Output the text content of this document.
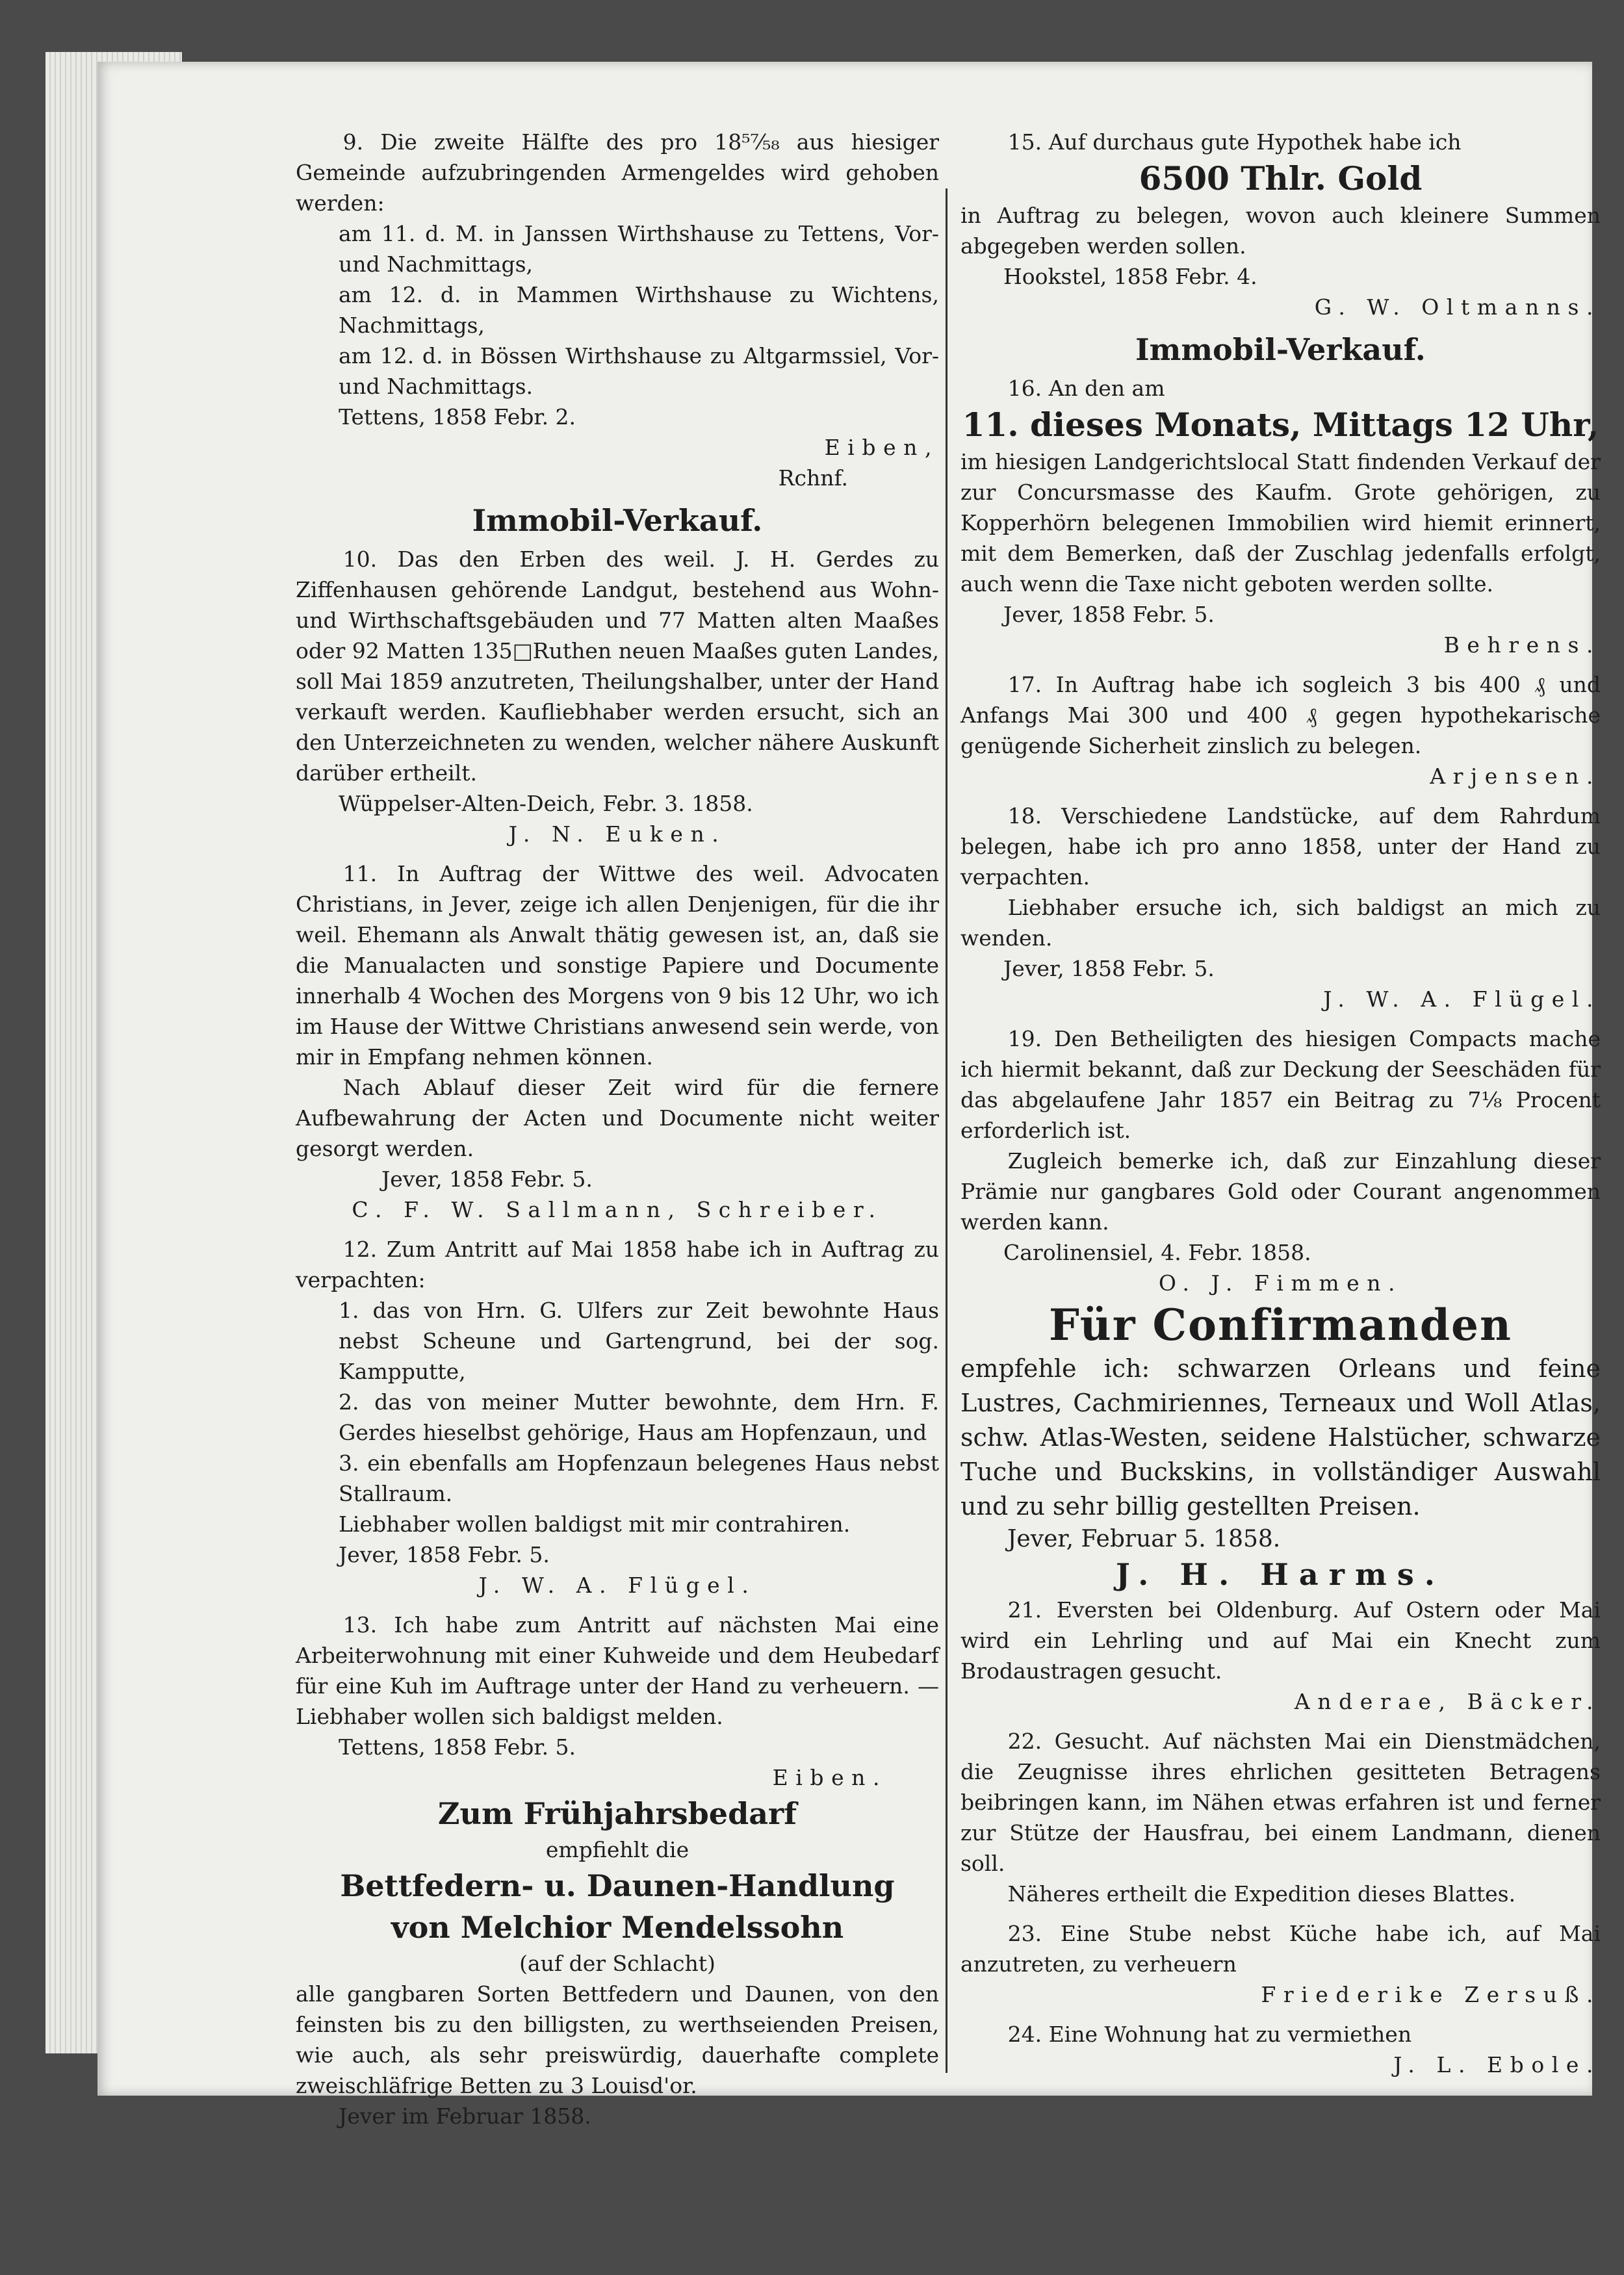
9. Die zweite Hälfte des pro 18⁵⁷⁄₅₈ aus hiesiger Gemeinde aufzubringenden Armengeldes wird gehoben werden:

am 11. d. M. in Janssen Wirthshause zu Tettens, Vor- und Nachmittags,

am 12. d. in Mammen Wirthshause zu Wichtens, Nachmittags,

am 12. d. in Bössen Wirthshause zu Altgarmssiel, Vor- und Nachmittags.

Tettens, 1858 Febr. 2.

Eiben,

Rchnf.

Immobil-Verkauf.

10. Das den Erben des weil. J. H. Gerdes zu Ziffenhausen gehörende Landgut, bestehend aus Wohn- und Wirthschaftsgebäuden und 77 Matten alten Maaßes oder 92 Matten 135□Ruthen neuen Maaßes guten Landes, soll Mai 1859 anzutreten, Theilungshalber, unter der Hand verkauft werden. Kaufliebhaber werden ersucht, sich an den Unterzeichneten zu wenden, welcher nähere Auskunft darüber ertheilt.

Wüppelser-Alten-Deich, Febr. 3. 1858.

J. N. Euken.

11. In Auftrag der Wittwe des weil. Advocaten Christians, in Jever, zeige ich allen Denjenigen, für die ihr weil. Ehemann als Anwalt thätig gewesen ist, an, daß sie die Manualacten und sonstige Papiere und Documente innerhalb 4 Wochen des Morgens von 9 bis 12 Uhr, wo ich im Hause der Wittwe Christians anwesend sein werde, von mir in Empfang nehmen können.

Nach Ablauf dieser Zeit wird für die fernere Aufbewahrung der Acten und Documente nicht weiter gesorgt werden.

Jever, 1858 Febr. 5.

C. F. W. Sallmann, Schreiber.

12. Zum Antritt auf Mai 1858 habe ich in Auftrag zu verpachten:

1. das von Hrn. G. Ulfers zur Zeit bewohnte Haus nebst Scheune und Gartengrund, bei der sog. Kampputte,

2. das von meiner Mutter bewohnte, dem Hrn. F. Gerdes hieselbst gehörige, Haus am Hopfenzaun, und

3. ein ebenfalls am Hopfenzaun belegenes Haus nebst Stallraum.

Liebhaber wollen baldigst mit mir contrahiren.

Jever, 1858 Febr. 5.

J. W. A. Flügel.

13. Ich habe zum Antritt auf nächsten Mai eine Arbeiterwohnung mit einer Kuhweide und dem Heubedarf für eine Kuh im Auftrage unter der Hand zu verheuern. — Liebhaber wollen sich baldigst melden.

Tettens, 1858 Febr. 5.

Eiben.

Zum Frühjahrsbedarf

empfiehlt die

Bettfedern- u. Daunen-Handlung

von Melchior Mendelssohn

(auf der Schlacht)

alle gangbaren Sorten Bettfedern und Daunen, von den feinsten bis zu den billigsten, zu werthseienden Preisen, wie auch, als sehr preiswürdig, dauerhafte complete zweischläfrige Betten zu 3 Louisd'or.

Jever im Februar 1858.

15. Auf durchaus gute Hypothek habe ich

6500 Thlr. Gold

in Auftrag zu belegen, wovon auch kleinere Summen abgegeben werden sollen.

Hookstel, 1858 Febr. 4.

G. W. Oltmanns.

Immobil-Verkauf.

16. An den am

11. dieses Monats, Mittags 12 Uhr,

im hiesigen Landgerichtslocal Statt findenden Verkauf der zur Concursmasse des Kaufm. Grote gehörigen, zu Kopperhörn belegenen Immobilien wird hiemit erinnert, mit dem Bemerken, daß der Zuschlag jedenfalls erfolgt, auch wenn die Taxe nicht geboten werden sollte.

Jever, 1858 Febr. 5.

Behrens.

17. In Auftrag habe ich sogleich 3 bis 400 ₰ und Anfangs Mai 300 und 400 ₰ gegen hypothekarische genügende Sicherheit zinslich zu belegen.

Arjensen.

18. Verschiedene Landstücke, auf dem Rahrdum belegen, habe ich pro anno 1858, unter der Hand zu verpachten.

Liebhaber ersuche ich, sich baldigst an mich zu wenden.

Jever, 1858 Febr. 5.

J. W. A. Flügel.

19. Den Betheiligten des hiesigen Compacts mache ich hiermit bekannt, daß zur Deckung der Seeschäden für das abgelaufene Jahr 1857 ein Beitrag zu 7⅛ Procent erforderlich ist.

Zugleich bemerke ich, daß zur Einzahlung dieser Prämie nur gangbares Gold oder Courant angenommen werden kann.

Carolinensiel, 4. Febr. 1858.

O. J. Fimmen.

Für Confirmanden

empfehle ich: schwarzen Orleans und feine Lustres, Cachmiriennes, Terneaux und Woll Atlas, schw. Atlas-Westen, seidene Halstücher, schwarze Tuche und Buckskins, in vollständiger Auswahl und zu sehr billig gestellten Preisen.

Jever, Februar 5. 1858.

J. H. Harms.

21. Eversten bei Oldenburg. Auf Ostern oder Mai wird ein Lehrling und auf Mai ein Knecht zum Brodaustragen gesucht.

Anderae, Bäcker.

22. Gesucht. Auf nächsten Mai ein Dienstmädchen, die Zeugnisse ihres ehrlichen gesitteten Betragens beibringen kann, im Nähen etwas erfahren ist und ferner zur Stütze der Hausfrau, bei einem Landmann, dienen soll.

Näheres ertheilt die Expedition dieses Blattes.

23. Eine Stube nebst Küche habe ich, auf Mai anzutreten, zu verheuern

Friederike Zersuß.

24. Eine Wohnung hat zu vermiethen

J. L. Ebole.
